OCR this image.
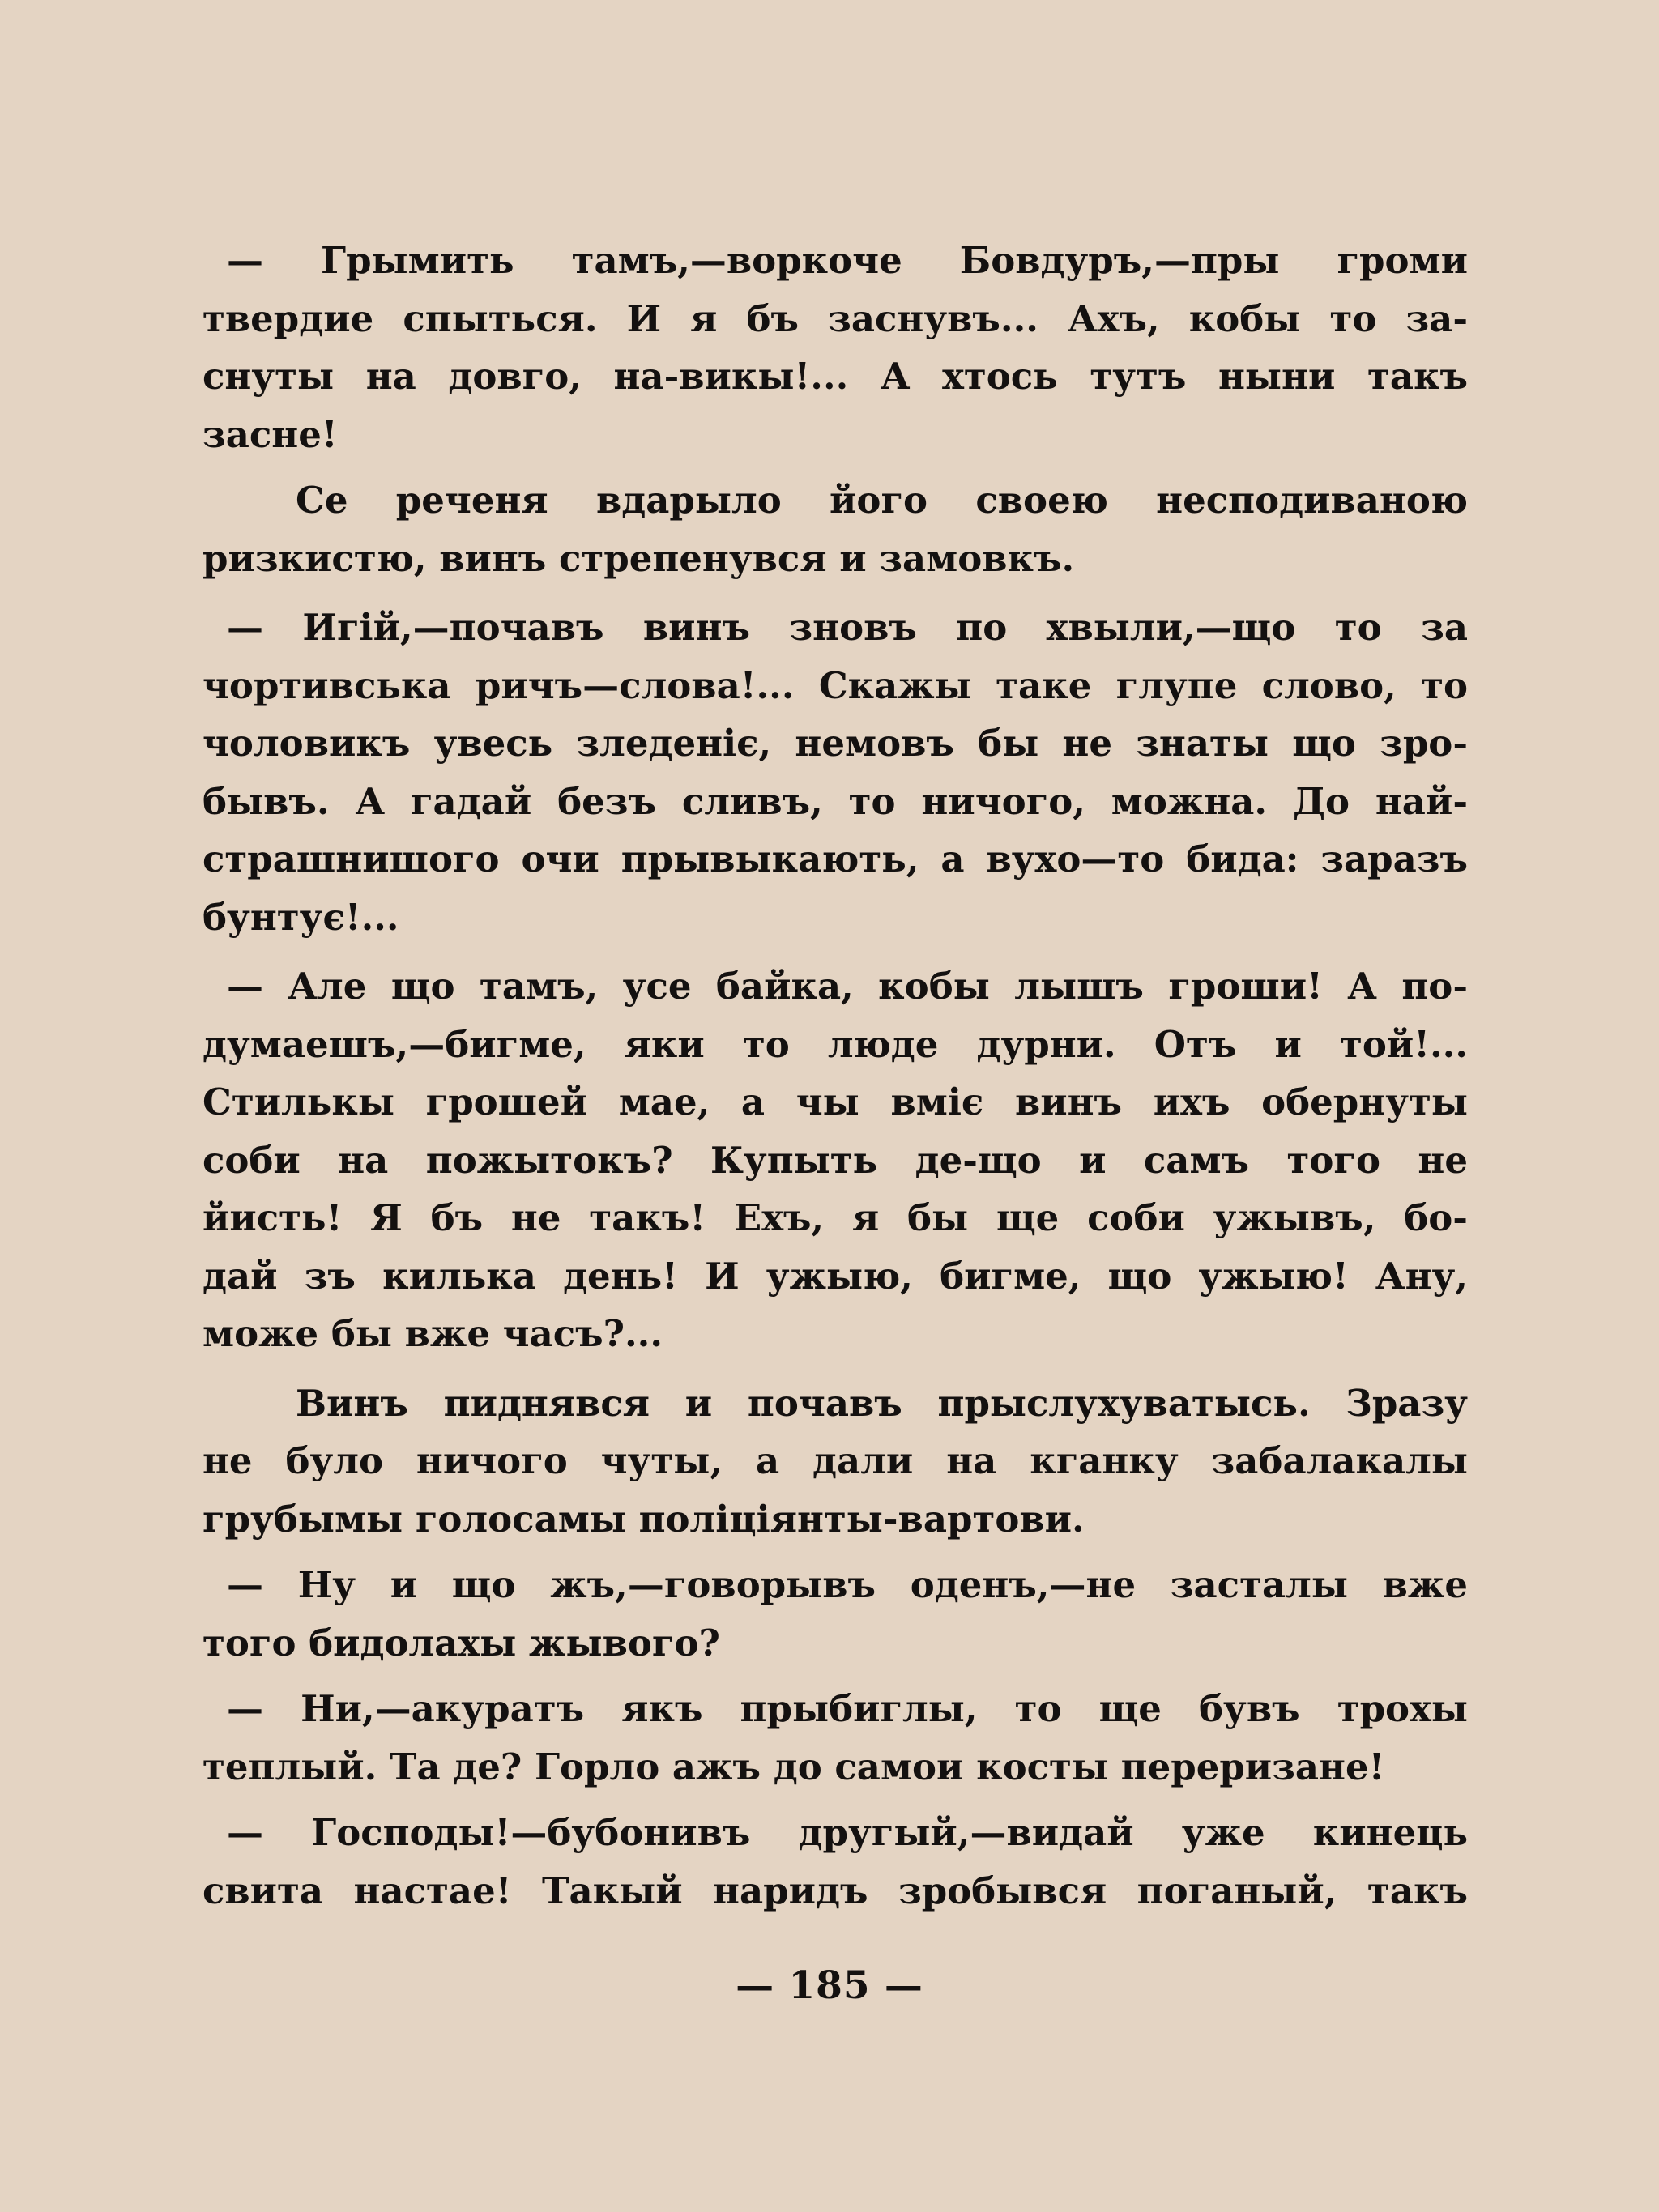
— Грымить тамъ,—воркоче Бовдуръ,—пры громи
твердие спыться. И я бъ заснувъ... Ахъ, кобы то за-
снуты на довго, на-викы!... А хтось тутъ ныни такъ
засне!

Се реченя вдарыло його своею несподиваною
ризкистю, винъ стрепенувся и замовкъ.

— Игій,—почавъ винъ зновъ по хвыли,—що то за
чортивська ричъ—слова!... Скажы таке глупе слово, то
чоловикъ увесь зледеніє, немовъ бы не знаты що зро-
бывъ. А гадай безъ сливъ, то ничого, можна. До най-
страшнишого очи прывыкають, а вухо—то бида: заразъ
бунтує!...

— Але що тамъ, усе байка, кобы лышъ гроши! А по-
думаешъ,—бигме, яки то люде дурни. Отъ и той!...
Стилькы грошей мае, а чы вміє винъ ихъ обернуты
соби на пожытокъ? Купыть де-що и самъ того не
йисть! Я бъ не такъ! Ехъ, я бы ще соби ужывъ, бо-
дай зъ килька день! И ужыю, бигме, що ужыю! Ану,
може бы вже часъ?...

Винъ пиднявся и почавъ прыслухуватысь. Зразу
не було ничого чуты, а дали на кганку забалакалы
грубымы голосамы поліціянты-вартови.

— Ну и що жъ,—говорывъ оденъ,—не засталы вже
того бидолахы жывого?

— Ни,—акуратъ якъ прыбиглы, то ще бувъ трохы
теплый. Та де? Горло ажъ до самои косты переризане!

— Господы!—бубонивъ другый,—видай уже кинець
свита настае! Такый наридъ зробывся поганый, такъ

— 185 —
